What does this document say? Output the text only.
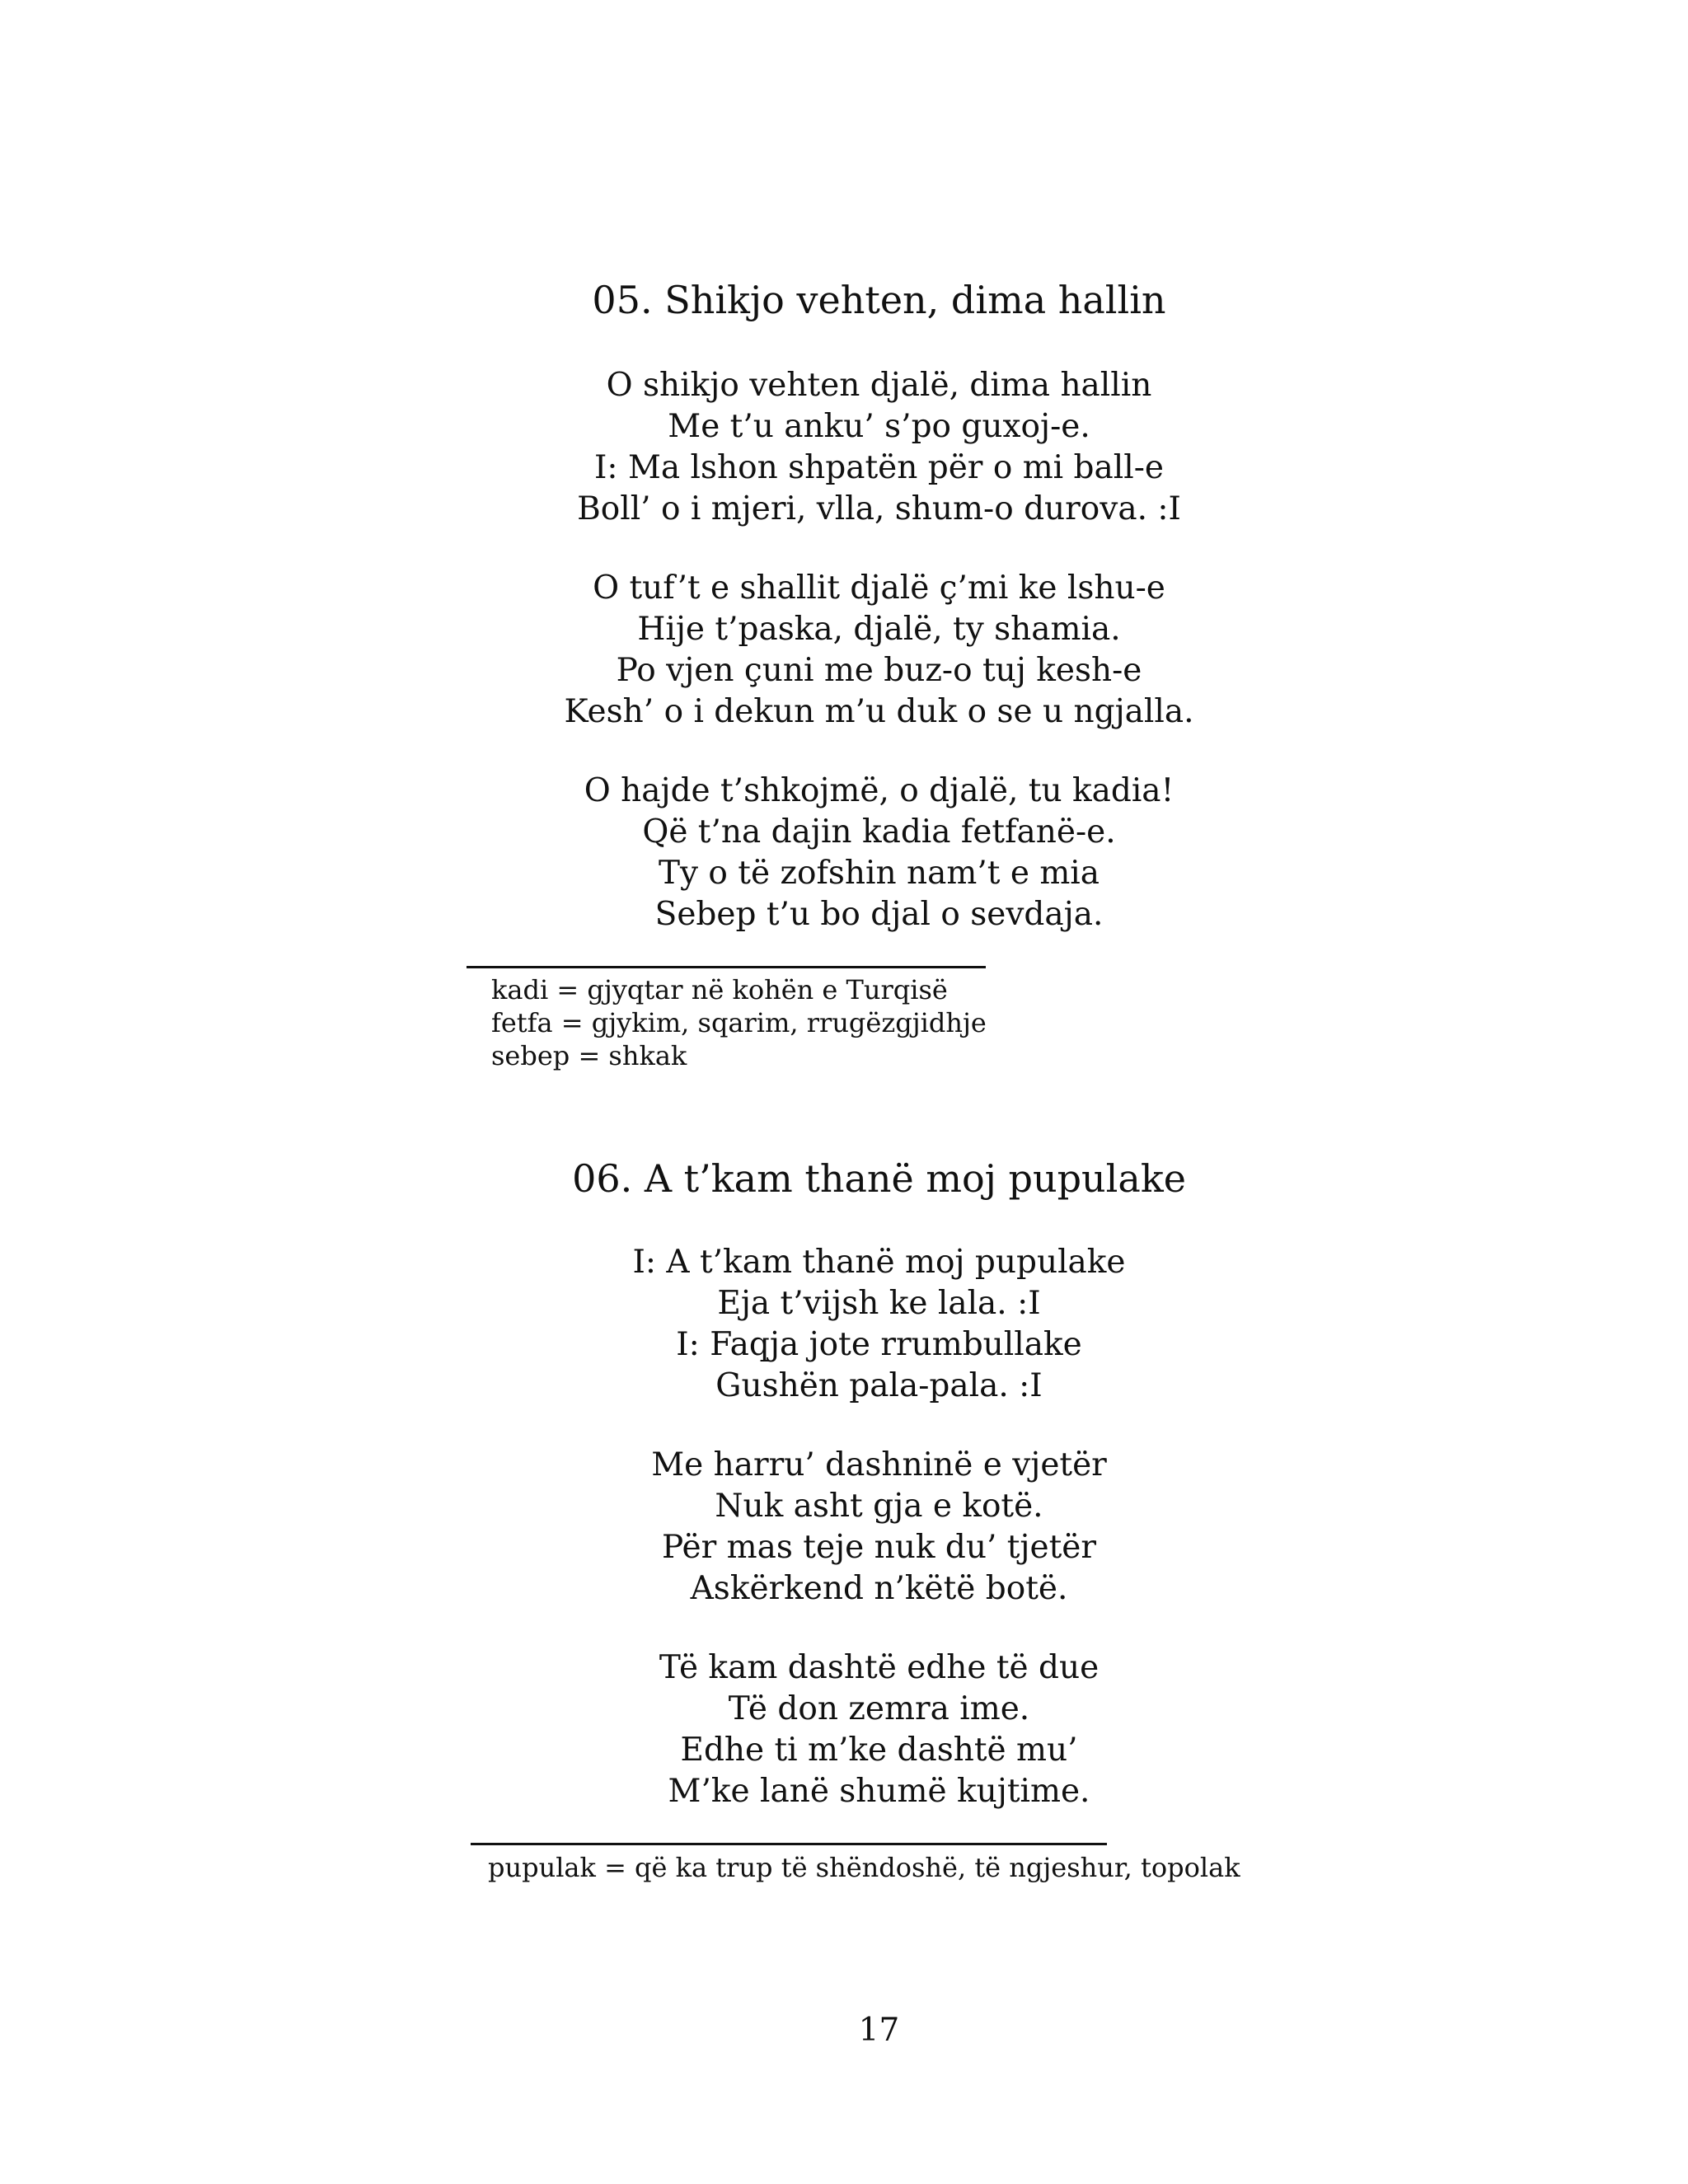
05. Shikjo vehten, dima hallin
O shikjo vehten djalë, dima hallin
Me t’u anku’ s’po guxoj-e.
I: Ma lshon shpatën për o mi ball-e
Boll’ o i mjeri, vlla, shum-o durova. :I
O tuf’t e shallit djalë ç’mi ke lshu-e
Hije t’paska, djalë, ty shamia.
Po vjen çuni me buz-o tuj kesh-e
Kesh’ o i dekun m’u duk o se u ngjalla.
O hajde t’shkojmë, o djalë, tu kadia!
Që t’na dajin kadia fetfanë-e.
Ty o të zofshin nam’t e mia
Sebep t’u bo djal o sevdaja.
kadi = gjyqtar në kohën e Turqisë
fetfa = gjykim, sqarim, rrugëzgjidhje
sebep = shkak
06. A t’kam thanë moj pupulake
I: A t’kam thanë moj pupulake
Eja t’vijsh ke lala. :I
I: Faqja jote rrumbullake
Gushën pala-pala. :I
Me harru’ dashninë e vjetër
Nuk asht gja e kotë.
Për mas teje nuk du’ tjetër
Askërkend n’këtë botë.
Të kam dashtë edhe të due
Të don zemra ime.
Edhe ti m’ke dashtë mu’
M’ke lanë shumë kujtime.
pupulak = që ka trup të shëndoshë, të ngjeshur, topolak
17
